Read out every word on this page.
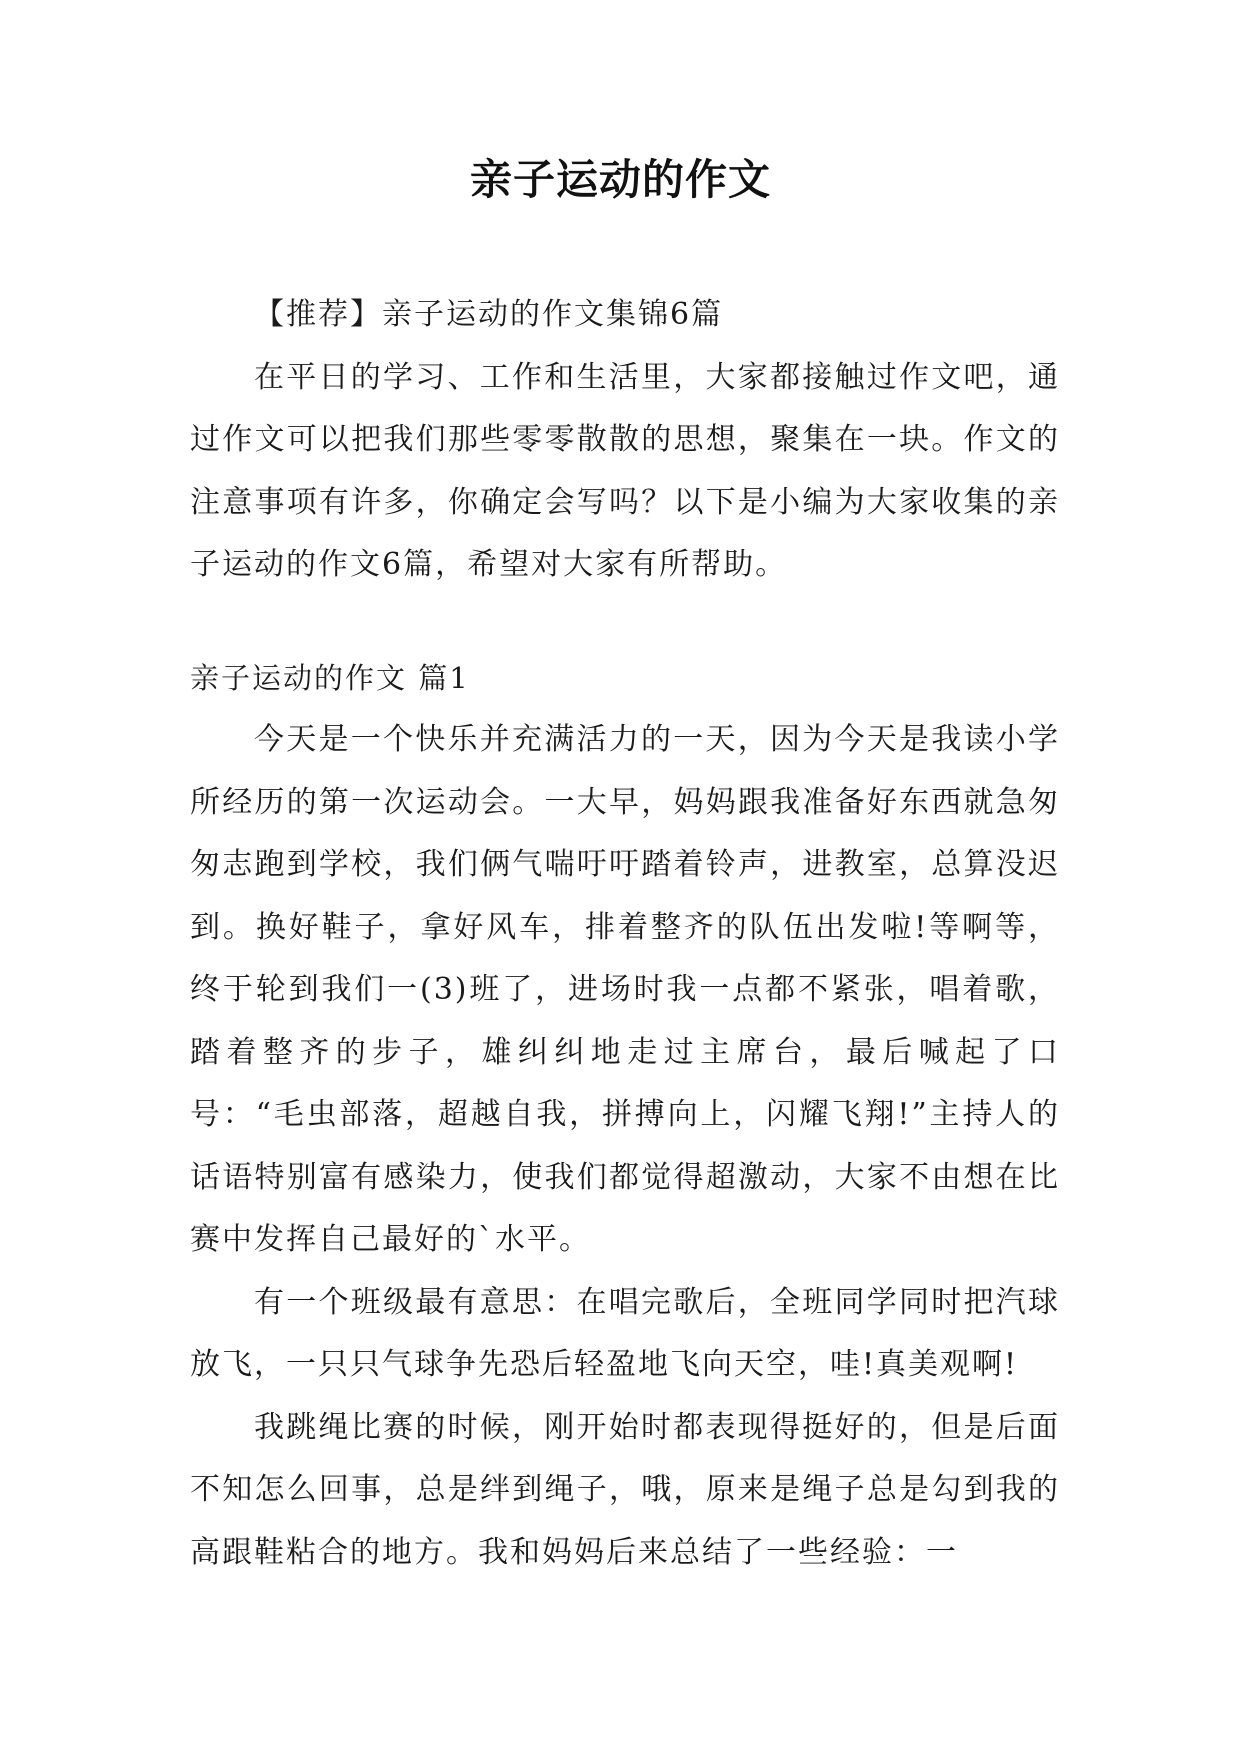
亲子运动的作文

【推荐】亲子运动的作文集锦6篇

在平日的学习、工作和生活里，大家都接触过作文吧，通过作文可以把我们那些零零散散的思想，聚集在一块。作文的注意事项有许多，你确定会写吗？以下是小编为大家收集的亲子运动的作文6篇，希望对大家有所帮助。

亲子运动的作文 篇1

今天是一个快乐并充满活力的一天，因为今天是我读小学所经历的第一次运动会。一大早，妈妈跟我准备好东西就急匆匆志跑到学校，我们俩气喘吁吁踏着铃声，进教室，总算没迟到。换好鞋子，拿好风车，排着整齐的队伍出发啦!等啊等，终于轮到我们一(3)班了，进场时我一点都不紧张，唱着歌，踏着整齐的步子，雄纠纠地走过主席台，最后喊起了口号：“毛虫部落，超越自我，拼搏向上，闪耀飞翔!”主持人的话语特别富有感染力，使我们都觉得超激动，大家不由想在比赛中发挥自己最好的`水平。

有一个班级最有意思：在唱完歌后，全班同学同时把汽球放飞，一只只气球争先恐后轻盈地飞向天空，哇!真美观啊!

我跳绳比赛的时候，刚开始时都表现得挺好的，但是后面不知怎么回事，总是绊到绳子，哦，原来是绳子总是勾到我的高跟鞋粘合的地方。我和妈妈后来总结了一些经验：一
